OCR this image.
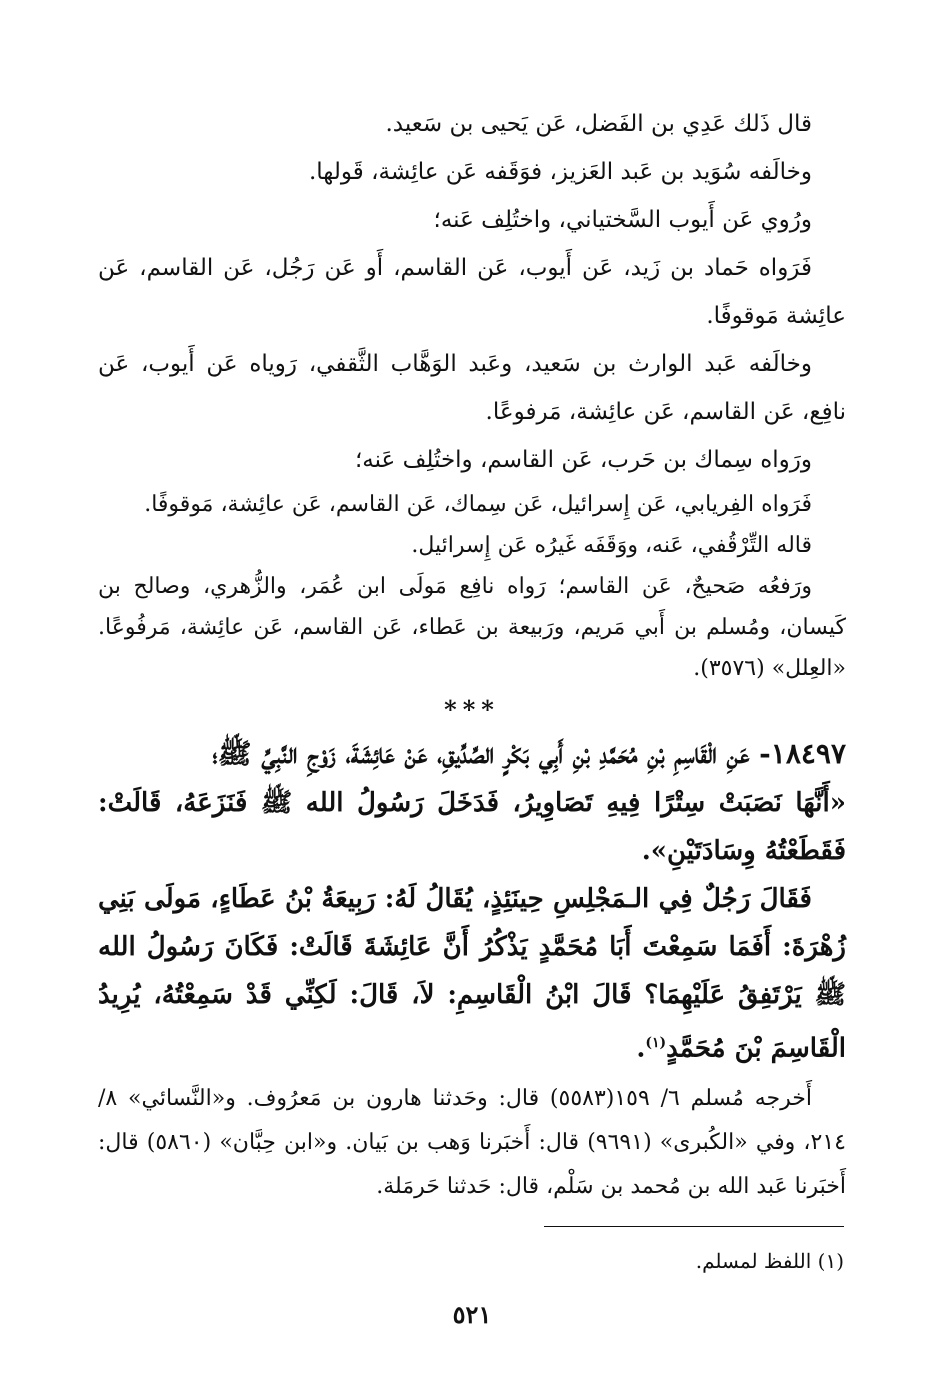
قال ذَلك عَدِي بن الفَضل، عَن يَحيى بن سَعيد.

وخالَفه سُوَيد بن عَبد العَزيز، فوَقَفه عَن عائِشة، قَولها.

ورُوي عَن أَيوب السَّختياني، واختُلِف عَنه؛

فَرَواه حَماد بن زَيد، عَن أَيوب، عَن القاسم، أَو عَن رَجُل، عَن القاسم، عَن عائِشة مَوقوفًا.

وخالَفه عَبد الوارث بن سَعيد، وعَبد الوَهَّاب الثَّقفي، رَوياه عَن أَيوب، عَن نافِع، عَن القاسم، عَن عائِشة، مَرفوعًا.

ورَواه سِماك بن حَرب، عَن القاسم، واختُلِف عَنه؛

فَرَواه الفِريابي، عَن إِسرائيل، عَن سِماك، عَن القاسم، عَن عائِشة، مَوقوفًا.

قاله التِّرْقُفي، عَنه، ووَقَفَه غَيرُه عَن إِسرائيل.

ورَفعُه صَحيحٌ، عَن القاسم؛ رَواه نافِع مَولَى ابن عُمَر، والزُّهري، وصالح بن كَيسان، ومُسلم بن أَبي مَريم، ورَبيعة بن عَطاء، عَن القاسم، عَن عائِشة، مَرفُوعًا. «العِلل» (٣٥٧٦).

***

١٨٤٩٧- عَنِ الْقَاسِمِ بْنِ مُحَمَّدِ بْنِ أَبِي بَكْرٍ الصِّدِّيقِ، عَنْ عَائِشَةَ، زَوْجِ النَّبِيِّ ﷺ؛

«أَنَّهَا نَصَبَتْ سِتْرًا فِيهِ تَصَاوِيرُ، فَدَخَلَ رَسُولُ الله ﷺ فَنَزَعَهُ، قَالَتْ: فَقَطَعْتُهُ وِسَادَتَيْنِ».

فَقَالَ رَجُلٌ فِي الـمَجْلِسِ حِينَئِذٍ، يُقَالُ لَهُ: رَبِيعَةُ بْنُ عَطَاءٍ، مَولَى بَنِي زُهْرَةَ: أَفَمَا سَمِعْتَ أَبَا مُحَمَّدٍ يَذْكُرُ أَنَّ عَائِشَةَ قَالَتْ: فَكَانَ رَسُولُ الله ﷺ يَرْتَفِقُ عَلَيْهِمَا؟ قَالَ ابْنُ الْقَاسِمِ: لاَ، قَالَ: لَكِنِّي قَدْ سَمِعْتُهُ، يُرِيدُ الْقَاسِمَ بْنَ مُحَمَّدٍ$^{(١)}$.

أَخرجه مُسلم ٦/ ١٥٩(٥٥٨٣) قال: وحَدثنا هارون بن مَعرُوف. و«النَّسائي» ٨/ ٢١٤، وفي «الكُبرى» (٩٦٩١) قال: أَخبَرنا وَهب بن بَيان. و«ابن حِبَّان» (٥٨٦٠) قال: أَخبَرنا عَبد الله بن مُحمد بن سَلْم، قال: حَدثنا حَرمَلة.

(١) اللفظ لمسلم.
٥٢١
